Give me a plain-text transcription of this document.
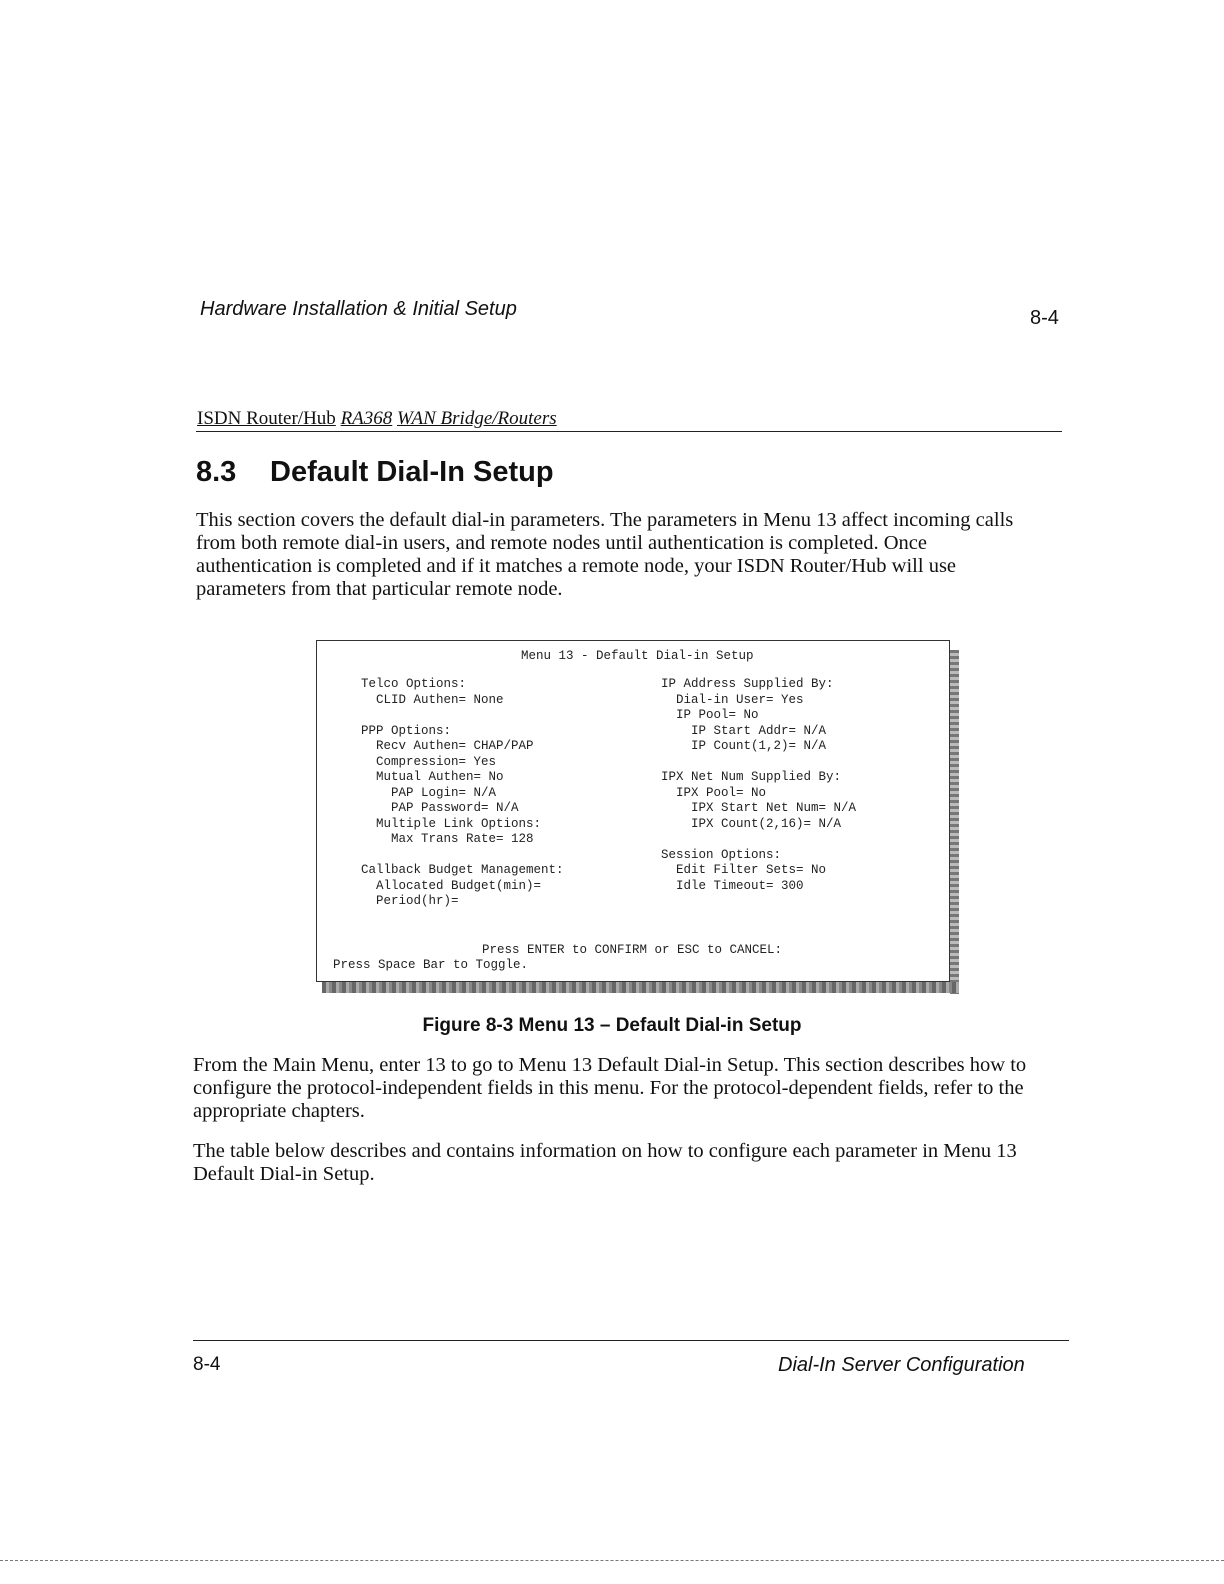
Hardware Installation & Initial Setup	8-4
ISDN Router/Hub RA368 WAN Bridge/Routers
8.3 Default Dial-In Setup
This section covers the default dial-in parameters. The parameters in Menu 13 affect incoming calls from both remote dial-in users, and remote nodes until authentication is completed. Once authentication is completed and if it matches a remote node, your ISDN Router/Hub will use parameters from that particular remote node.
Menu 13 - Default Dial-in Setup
Telco Options:
CLID Authen= None
PPP Options:
Recv Authen= CHAP/PAP
Compression= Yes
Mutual Authen= No
PAP Login= N/A
PAP Password= N/A
Multiple Link Options:
Max Trans Rate= 128
Callback Budget Management:
Allocated Budget(min)=
Period(hr)=
IP Address Supplied By:
Dial-in User= Yes
IP Pool= No
IP Start Addr= N/A
IP Count(1,2)= N/A
IPX Net Num Supplied By:
IPX Pool= No
IPX Start Net Num= N/A
IPX Count(2,16)= N/A
Session Options:
Edit Filter Sets= No
Idle Timeout= 300
Press ENTER to CONFIRM or ESC to CANCEL:
Press Space Bar to Toggle.
Figure 8-3 Menu 13 – Default Dial-in Setup
From the Main Menu, enter 13 to go to Menu 13 Default Dial-in Setup. This section describes how to configure the protocol-independent fields in this menu. For the protocol-dependent fields, refer to the appropriate chapters.
The table below describes and contains information on how to configure each parameter in Menu 13 Default Dial-in Setup.
8-4	Dial-In Server Configuration
